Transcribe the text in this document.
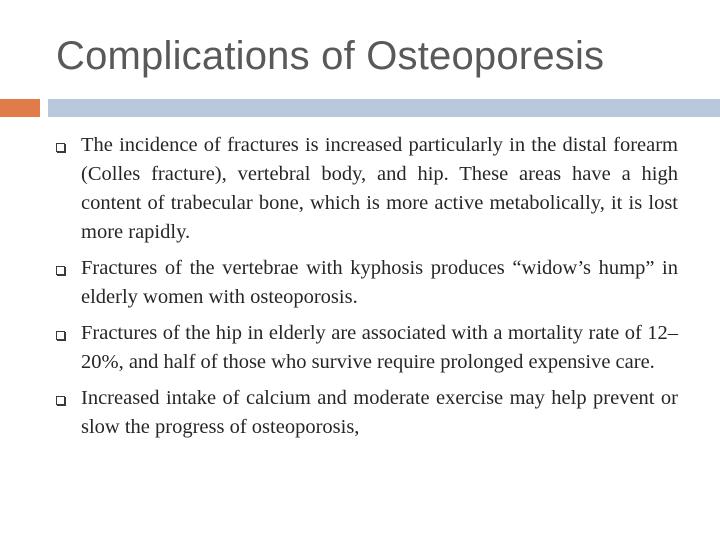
Complications of Osteoporesis
The incidence of fractures is increased particularly in the distal forearm (Colles fracture), vertebral body, and hip. These areas have a high content of trabecular bone, which is more active metabolically, it is lost more rapidly.
Fractures of the vertebrae with kyphosis produces “widow’s hump” in elderly women with osteoporosis.
Fractures of the hip in elderly are associated with a mortality rate of 12–20%, and half of those who survive require prolonged expensive care.
Increased intake of calcium and moderate exercise may help prevent or slow the progress of osteoporosis,
